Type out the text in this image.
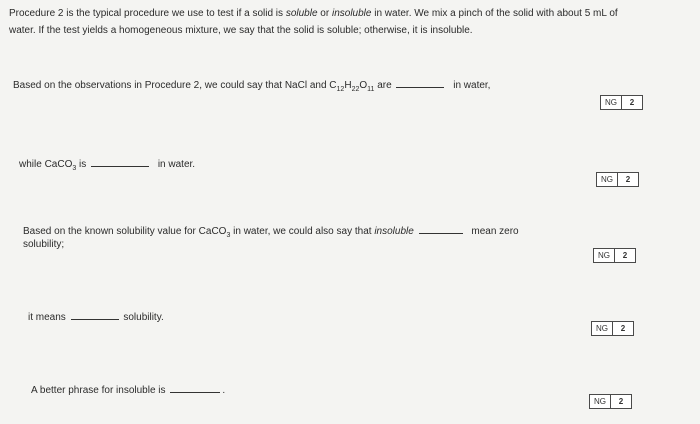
Procedure 2 is the typical procedure we use to test if a solid is soluble or insoluble in water. We mix a pinch of the solid with about 5 mL of
water. If the test yields a homogeneous mixture, we say that the solid is soluble; otherwise, it is insoluble.
Based on the observations in Procedure 2, we could say that NaCl and $C_{12}H_{22}O_{11}$ are	in water,
NG	2
while CaCO$_3$ is	in water.
NG	2
Based on the known solubility value for CaCO$_3$ in water, we could also say that insoluble	mean zero
solubility;
NG	2
it means	solubility.
NG	2
A better phrase for insoluble is	.
NG	2
